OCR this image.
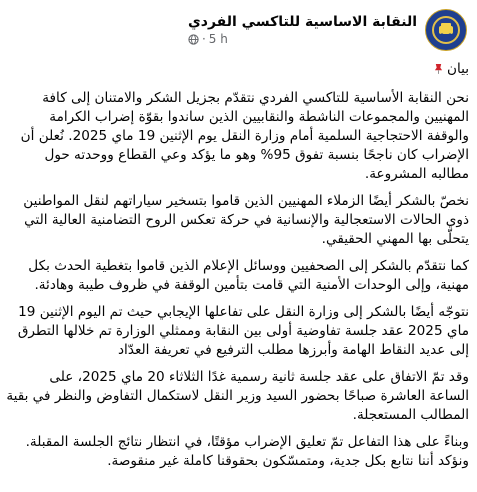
النقابة الاساسية للتاكسي الفردي
5 h
·

بيان

نحن النقابة الأساسية للتاكسي الفردي نتقدّم بجزيل الشكر والامتنان إلى كافة المهنيين والمجموعات الناشطة والنقابيين الذين ساندوا بقوّة إضراب الكرامة والوقفة الاحتجاجية السلمية أمام وزارة النقل يوم الإثنين 19 ماي 2025. نُعلن أن الإضراب كان ناجحًا بنسبة تفوق 95% وهو ما يؤكد وعي القطاع ووحدته حول مطالبه المشروعة.

نخصّ بالشكر أيضًا الزملاء المهنيين الذين قاموا بتسخير سياراتهم لنقل المواطنين ذوي الحالات الاستعجالية والإنسانية في حركة تعكس الروح التضامنية العالية التي يتحلّى بها المهني الحقيقي.

كما نتقدّم بالشكر إلى الصحفيين ووسائل الإعلام الذين قاموا بتغطية الحدث بكل مهنية، وإلى الوحدات الأمنية التي قامت بتأمين الوقفة في ظروف طيبة وهادئة.

نتوجّه أيضًا بالشكر إلى وزارة النقل على تفاعلها الإيجابي حيث تم اليوم الإثنين 19 ماي 2025 عقد جلسة تفاوضية أولى بين النقابة وممثلي الوزارة تم خلالها التطرق إلى عديد النقاط الهامة وأبرزها مطلب الترفيع في تعريفة العدّاد

وقد تمّ الاتفاق على عقد جلسة ثانية رسمية غدًا الثلاثاء 20 ماي 2025، على الساعة العاشرة صباحًا بحضور السيد وزير النقل لاستكمال التفاوض والنظر في بقية المطالب المستعجلة.

وبناءً على هذا التفاعل تمّ تعليق الإضراب مؤقتًا، في انتظار نتائج الجلسة المقبلة. ونؤكد أننا نتابع بكل جدية، ومتمسّكون بحقوقنا كاملة غير منقوصة.
